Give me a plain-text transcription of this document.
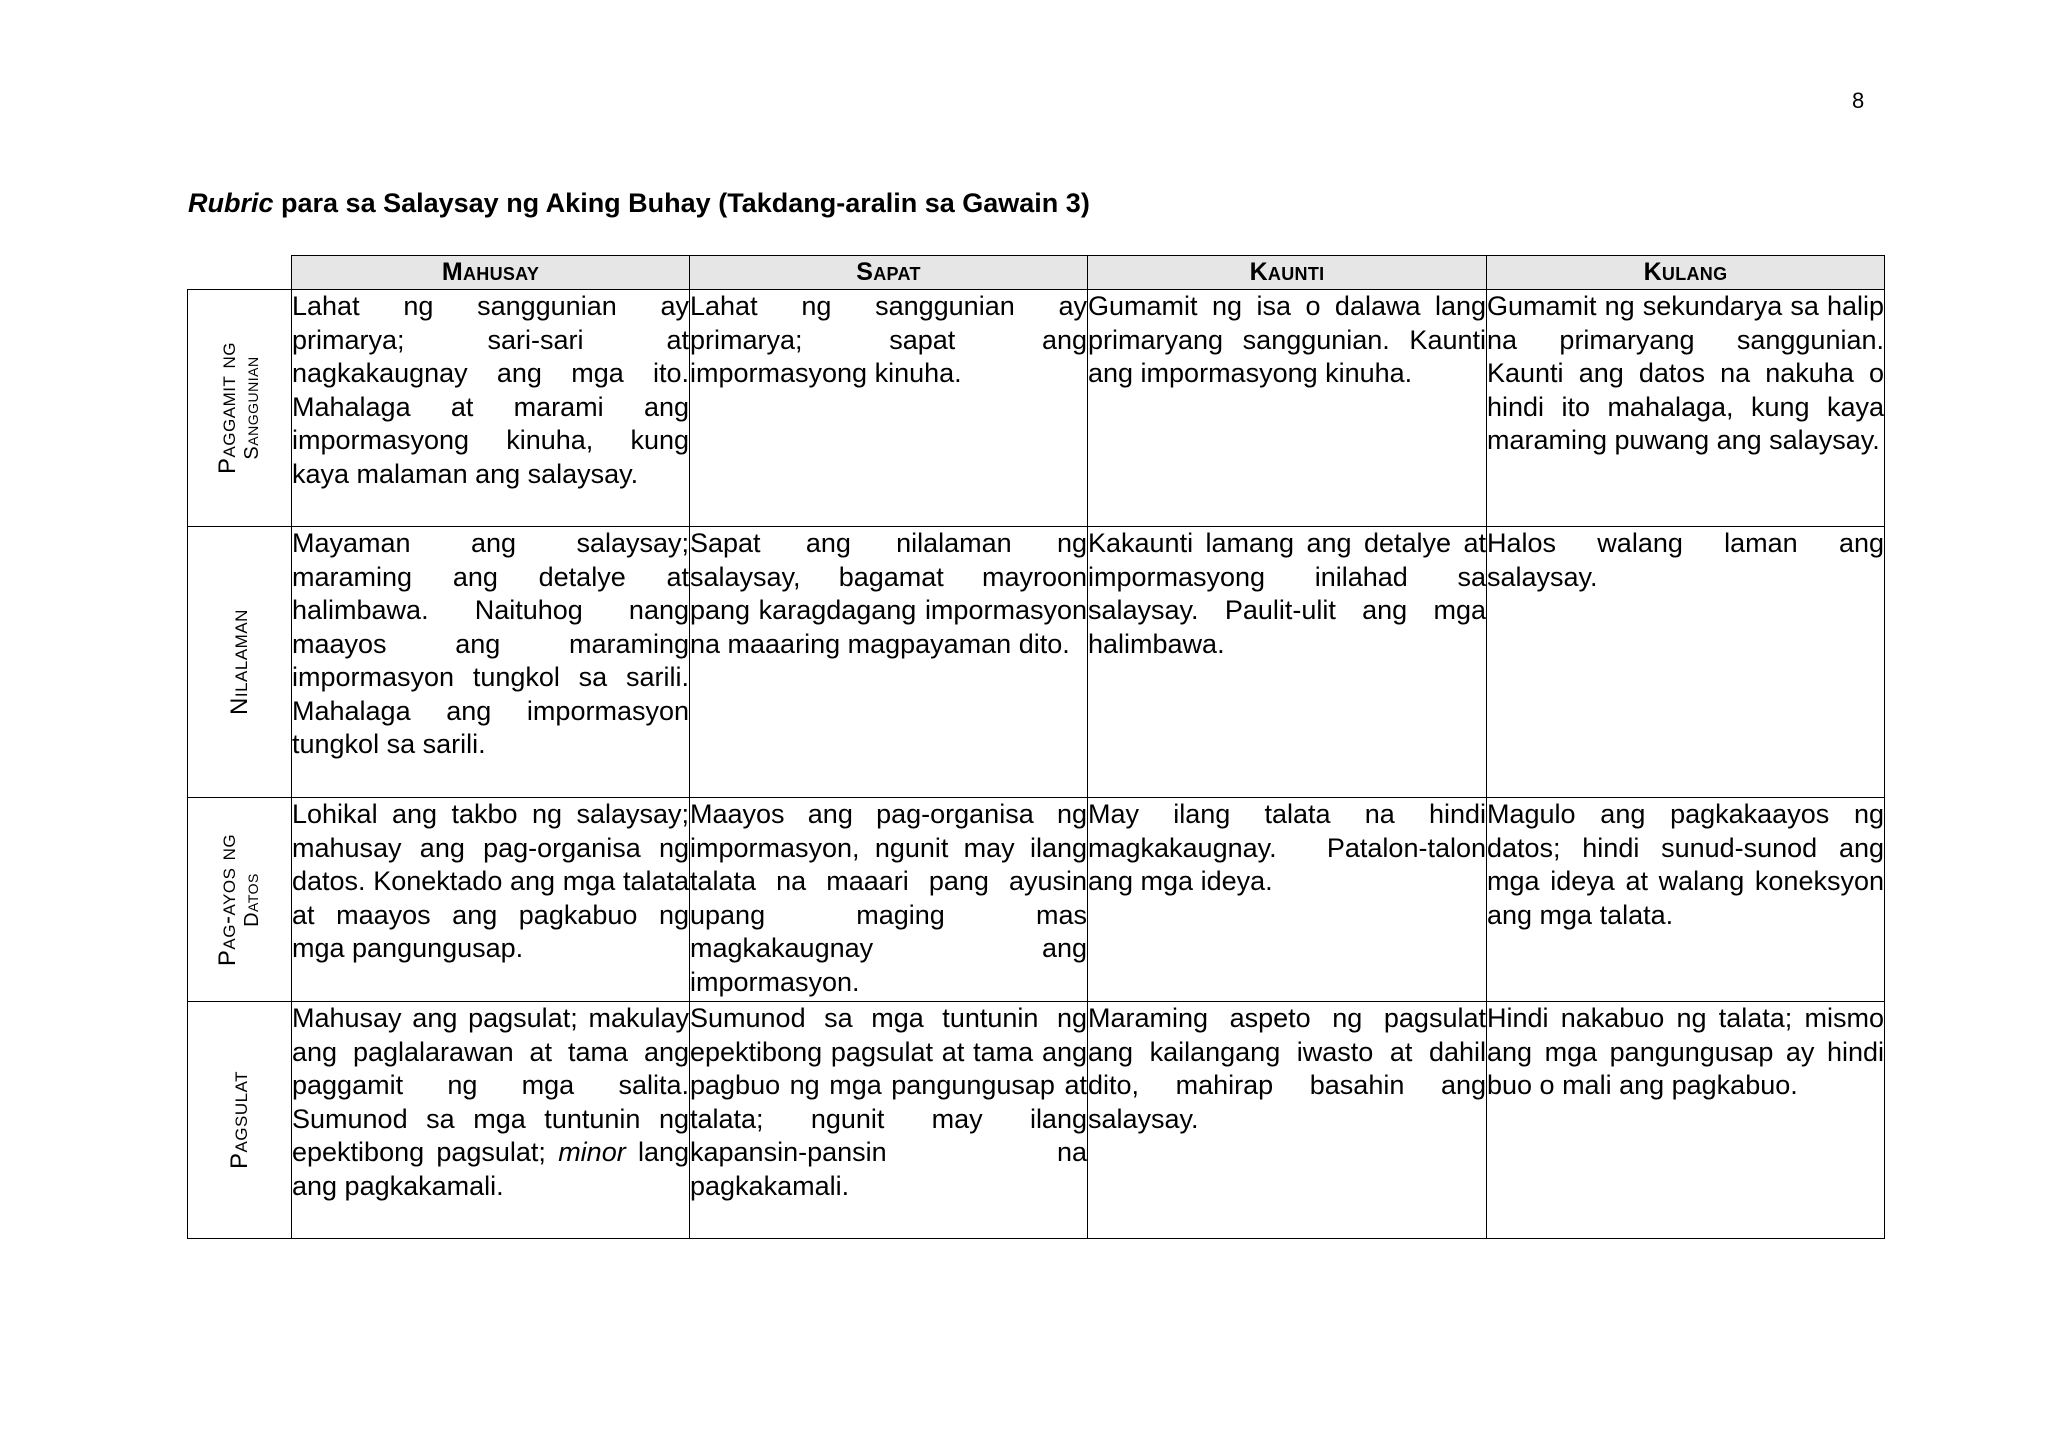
8
Rubric para sa Salaysay ng Aking Buhay (Takdang-aralin sa Gawain 3)
	Mahusay	Sapat	Kaunti	Kulang

Paggamit ng Sanggunian	Lahat ng sanggunian ay primarya; sari-sari at nagkakaugnay ang mga ito. Mahalaga at marami ang impormasyong kinuha, kung kaya malaman ang salaysay.	Lahat ng sanggunian ay primarya; sapat ang impormasyong kinuha.	Gumamit ng isa o dalawa lang primaryang sanggunian. Kaunti ang impormasyong kinuha.	Gumamit ng sekundarya sa halip na primaryang sanggunian. Kaunti ang datos na nakuha o hindi ito mahalaga, kung kaya maraming puwang ang salaysay.

Nilalaman	Mayaman ang salaysay; maraming ang detalye at halimbawa. Naituhog nang maayos ang maraming impormasyon tungkol sa sarili. Mahalaga ang impormasyon tungkol sa sarili.	Sapat ang nilalaman ng salaysay, bagamat mayroon pang karagdagang impormasyon na maaaring magpayaman dito.	Kakaunti lamang ang detalye at impormasyong inilahad sa salaysay. Paulit-ulit ang mga halimbawa.	Halos walang laman ang salaysay.

Pag-ayos ng Datos	Lohikal ang takbo ng salaysay; mahusay ang pag-organisa ng datos. Konektado ang mga talata at maayos ang pagkabuo ng mga pangungusap.	Maayos ang pag-organisa ng impormasyon, ngunit may ilang talata na maaari pang ayusin upang maging mas magkakaugnay ang impormasyon.	May ilang talata na hindi magkakaugnay. Patalon-talon ang mga ideya.	Magulo ang pagkakaayos ng datos; hindi sunud-sunod ang mga ideya at walang koneksyon ang mga talata.

Pagsulat	Mahusay ang pagsulat; makulay ang paglalarawan at tama ang paggamit ng mga salita. Sumunod sa mga tuntunin ng epektibong pagsulat; minor lang ang pagkakamali.	Sumunod sa mga tuntunin ng epektibong pagsulat at tama ang pagbuo ng mga pangungusap at talata; ngunit may ilang kapansin-pansin na pagkakamali.	Maraming aspeto ng pagsulat ang kailangang iwasto at dahil dito, mahirap basahin ang salaysay.	Hindi nakabuo ng talata; mismo ang mga pangungusap ay hindi buo o mali ang pagkabuo.
